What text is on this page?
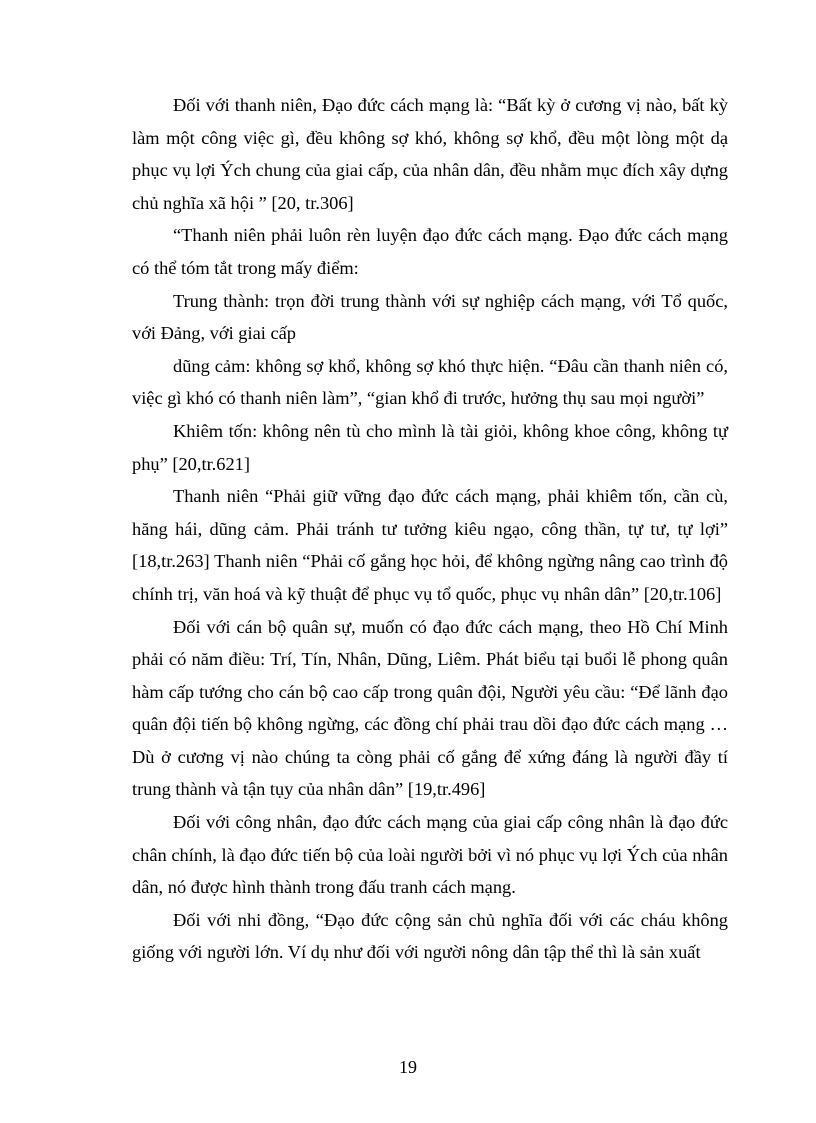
Đối với thanh niên, Đạo đức cách mạng là: “Bất kỳ ở cương vị nào, bất kỳ làm một công việc gì, đều không sợ khó, không sợ khổ, đều một lòng một dạ phục vụ lợi Ých chung của giai cấp, của nhân dân, đều nhằm mục đích xây dựng chủ nghĩa xã hội ” [20, tr.306]

“Thanh niên phải luôn rèn luyện đạo đức cách mạng. Đạo đức cách mạng có thể tóm tắt trong mấy điểm:

Trung thành: trọn đời trung thành với sự nghiệp cách mạng, với Tổ quốc, với Đảng, với giai cấp

dũng cảm: không sợ khổ, không sợ khó thực hiện. “Đâu cần thanh niên có, việc gì khó có thanh niên làm”, “gian khổ đi trước, hưởng thụ sau mọi người”

Khiêm tốn: không nên tù cho mình là tài giỏi, không khoe công, không tự phụ” [20,tr.621]

Thanh niên “Phải giữ vững đạo đức cách mạng, phải khiêm tốn, cần cù, hăng hái, dũng cảm. Phải tránh tư tưởng kiêu ngạo, công thần, tự tư, tự lợi” [18,tr.263] Thanh niên “Phải cố gắng học hỏi, để không ngừng nâng cao trình độ chính trị, văn hoá và kỹ thuật để phục vụ tổ quốc, phục vụ nhân dân” [20,tr.106]

Đối với cán bộ quân sự, muốn có đạo đức cách mạng, theo Hồ Chí Minh phải có năm điều: Trí, Tín, Nhân, Dũng, Liêm. Phát biểu tại buổi lễ phong quân hàm cấp tướng cho cán bộ cao cấp trong quân đội, Người yêu cầu: “Để lãnh đạo quân đội tiến bộ không ngừng, các đồng chí phải trau dồi đạo đức cách mạng …Dù ở cương vị nào chúng ta còng phải cố gắng để xứng đáng là người đầy tí trung thành và tận tụy của nhân dân” [19,tr.496]

Đối với công nhân, đạo đức cách mạng của giai cấp công nhân là đạo đức chân chính, là đạo đức tiến bộ của loài người bởi vì nó phục vụ lợi Ých của nhân dân, nó được hình thành trong đấu tranh cách mạng.

Đối với nhi đồng, “Đạo đức cộng sản chủ nghĩa đối với các cháu không giống với người lớn. Ví dụ như đối với người nông dân tập thể thì là sản xuất

19
